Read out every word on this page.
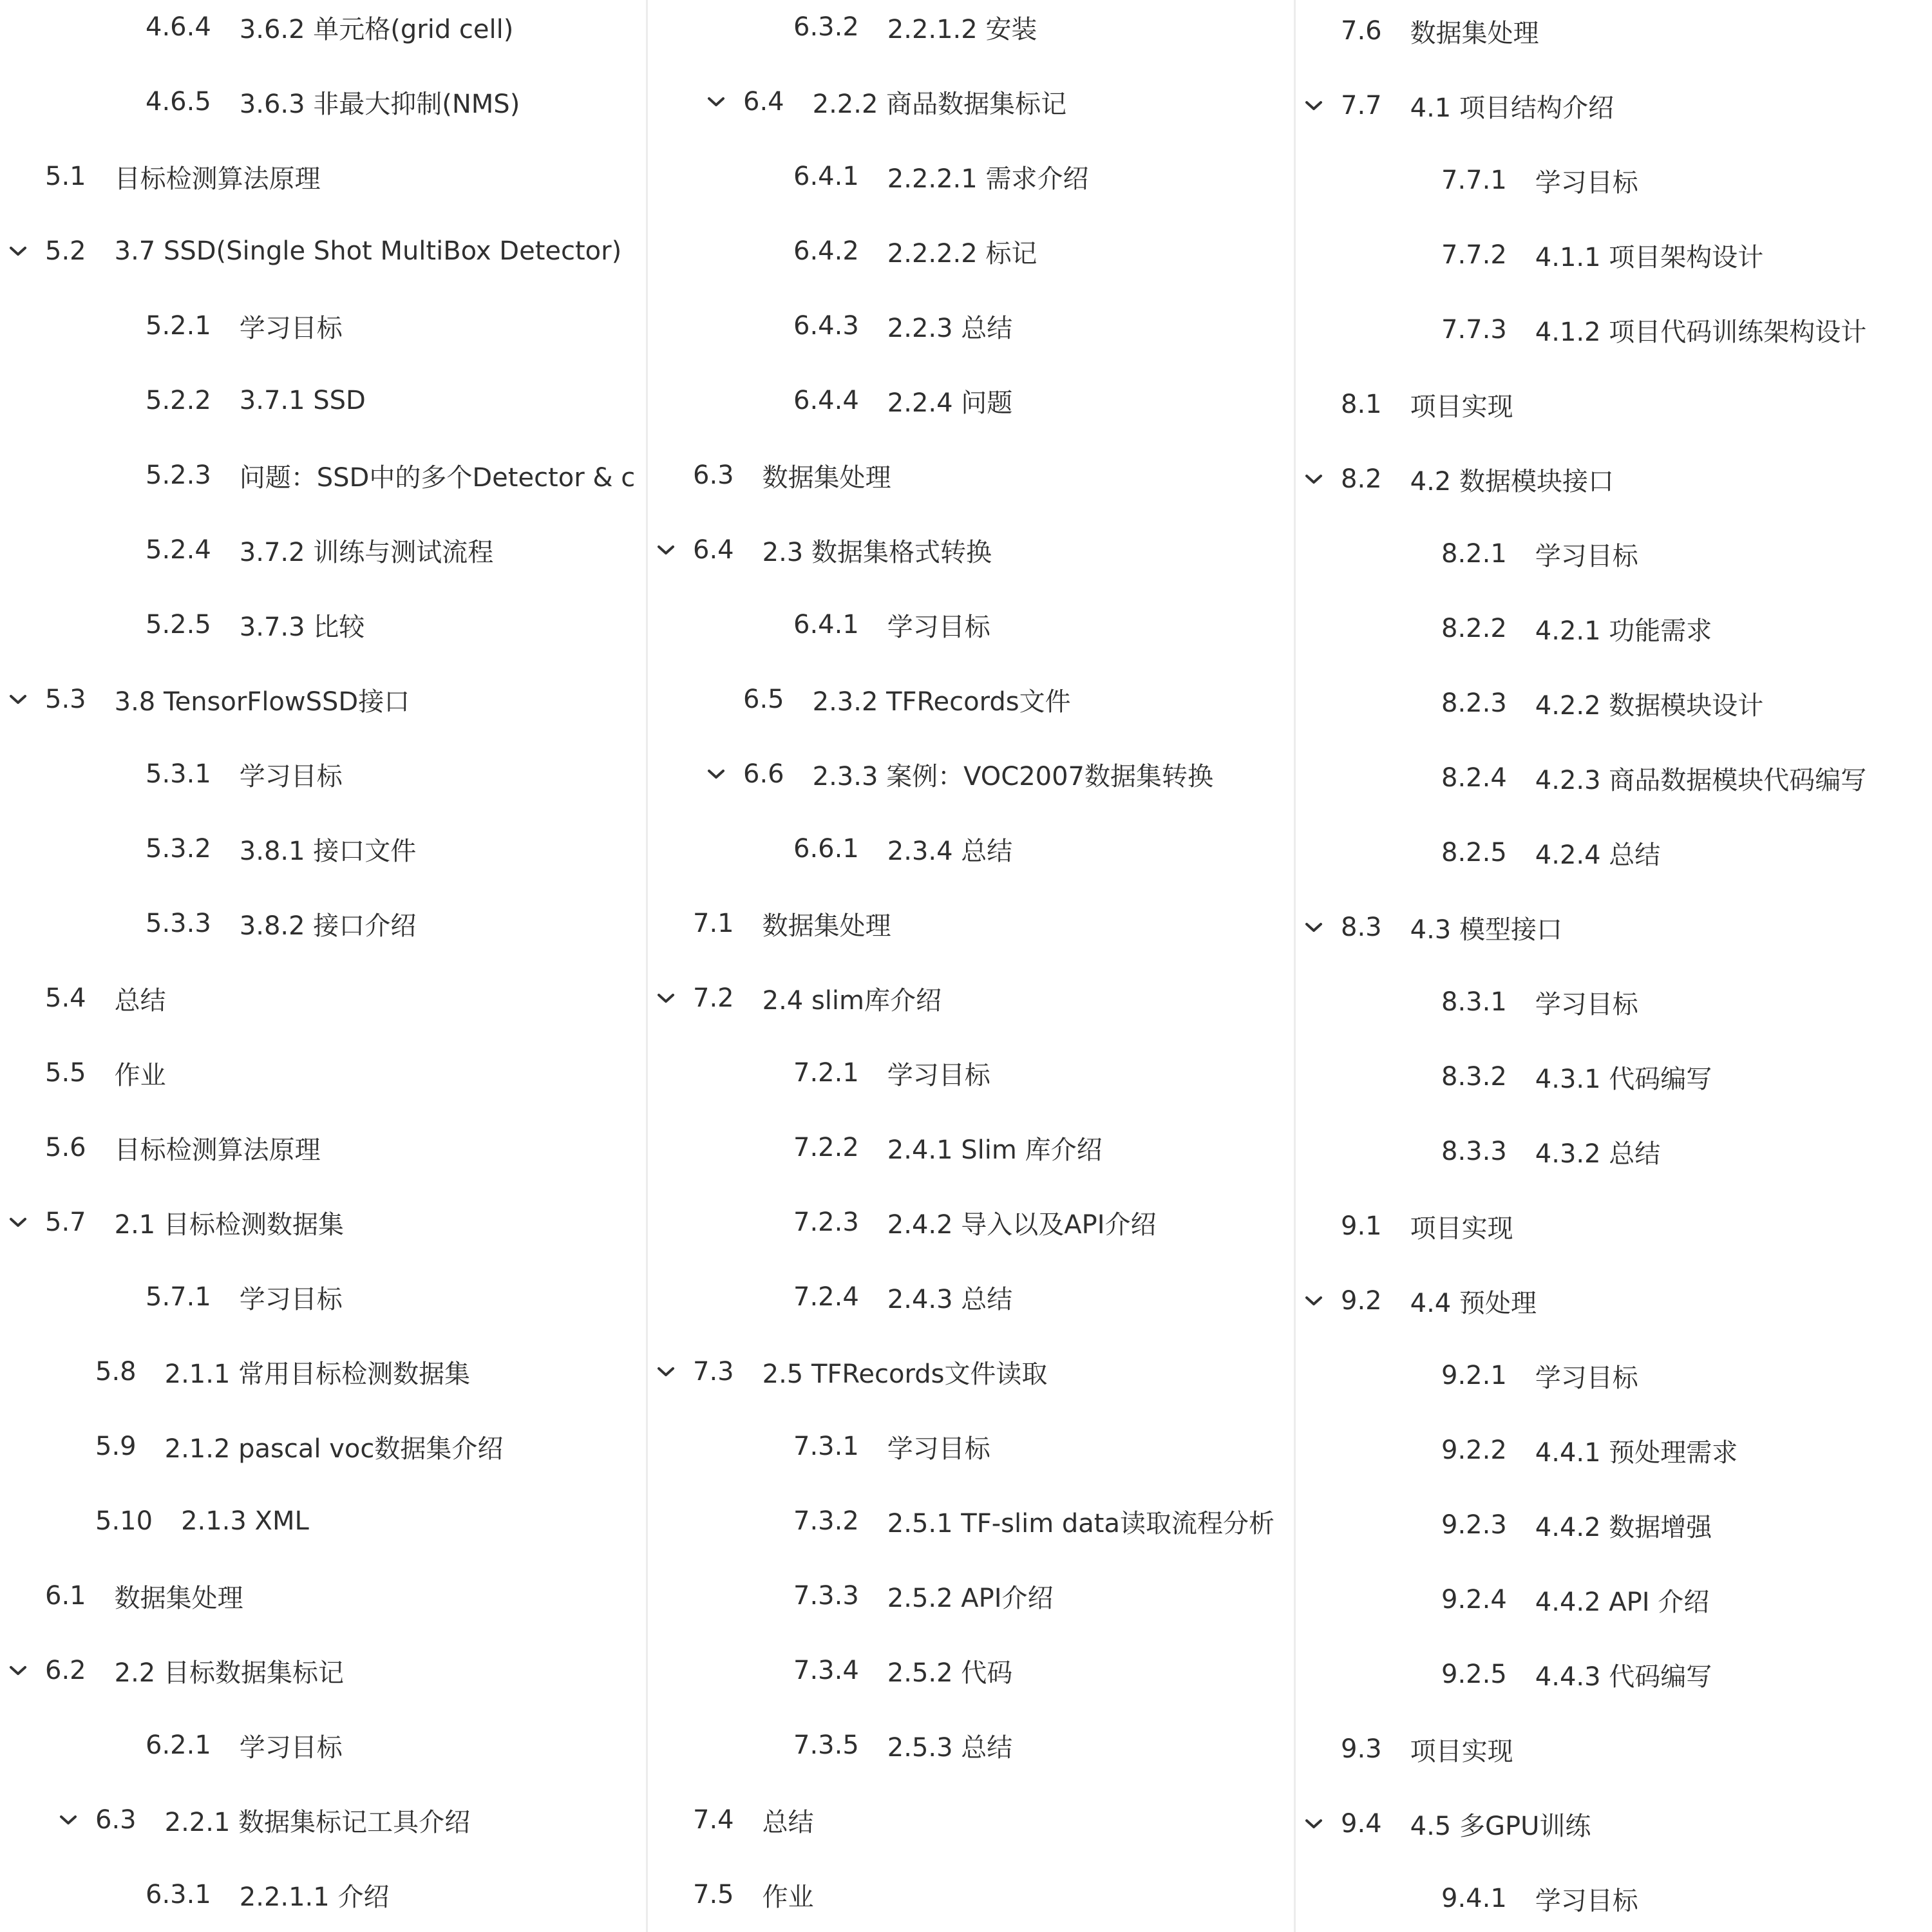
4.6.4	3.6.2 单元格(grid cell)
4.6.5	3.6.3 非最大抑制(NMS)
5.1	目标检测算法原理
5.2	3.7 SSD(Single Shot MultiBox Detector)
5.2.1	学习目标
5.2.2	3.7.1 SSD
5.2.3	问题：SSD中的多个Detector & c
5.2.4	3.7.2 训练与测试流程
5.2.5	3.7.3 比较
5.3	3.8 TensorFlowSSD接口
5.3.1	学习目标
5.3.2	3.8.1 接口文件
5.3.3	3.8.2 接口介绍
5.4	总结
5.5	作业
5.6	目标检测算法原理
5.7	2.1 目标检测数据集
5.7.1	学习目标
5.8	2.1.1 常用目标检测数据集
5.9	2.1.2 pascal voc数据集介绍
5.10	2.1.3 XML
6.1	数据集处理
6.2	2.2 目标数据集标记
6.2.1	学习目标
6.3	2.2.1 数据集标记工具介绍
6.3.1	2.2.1.1 介绍
6.3.2	2.2.1.2 安装
6.4	2.2.2 商品数据集标记
6.4.1	2.2.2.1 需求介绍
6.4.2	2.2.2.2 标记
6.4.3	2.2.3 总结
6.4.4	2.2.4 问题
6.3	数据集处理
6.4	2.3 数据集格式转换
6.4.1	学习目标
6.5	2.3.2 TFRecords文件
6.6	2.3.3 案例：VOC2007数据集转换
6.6.1	2.3.4 总结
7.1	数据集处理
7.2	2.4 slim库介绍
7.2.1	学习目标
7.2.2	2.4.1 Slim 库介绍
7.2.3	2.4.2 导入以及API介绍
7.2.4	2.4.3 总结
7.3	2.5 TFRecords文件读取
7.3.1	学习目标
7.3.2	2.5.1 TF-slim data读取流程分析
7.3.3	2.5.2 API介绍
7.3.4	2.5.2 代码
7.3.5	2.5.3 总结
7.4	总结
7.5	作业
7.6	数据集处理
7.7	4.1 项目结构介绍
7.7.1	学习目标
7.7.2	4.1.1 项目架构设计
7.7.3	4.1.2 项目代码训练架构设计
8.1	项目实现
8.2	4.2 数据模块接口
8.2.1	学习目标
8.2.2	4.2.1 功能需求
8.2.3	4.2.2 数据模块设计
8.2.4	4.2.3 商品数据模块代码编写
8.2.5	4.2.4 总结
8.3	4.3 模型接口
8.3.1	学习目标
8.3.2	4.3.1 代码编写
8.3.3	4.3.2 总结
9.1	项目实现
9.2	4.4 预处理
9.2.1	学习目标
9.2.2	4.4.1 预处理需求
9.2.3	4.4.2 数据增强
9.2.4	4.4.2 API 介绍
9.2.5	4.4.3 代码编写
9.3	项目实现
9.4	4.5 多GPU训练
9.4.1	学习目标
